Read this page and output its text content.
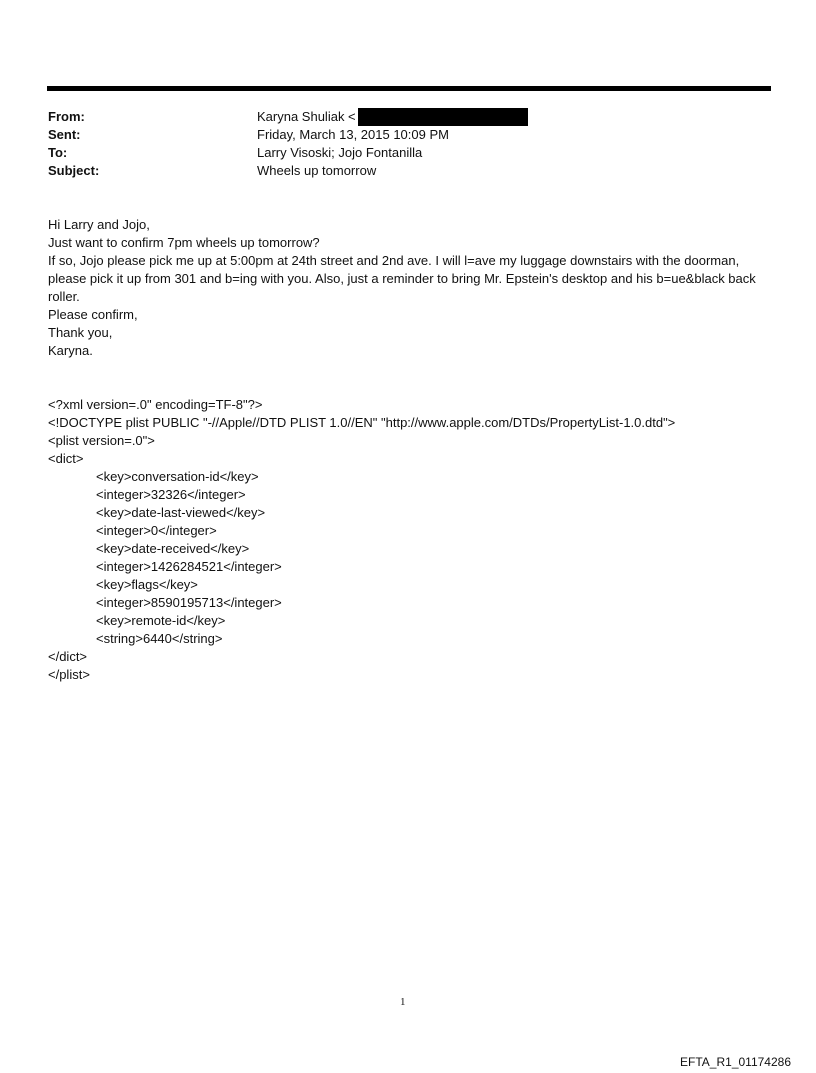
From:	Karyna Shuliak <
Sent:	Friday, March 13, 2015 10:09 PM
To:	Larry Visoski; Jojo Fontanilla
Subject:	Wheels up tomorrow
Hi Larry and Jojo,
Just want to confirm 7pm wheels up tomorrow?
If so, Jojo please pick me up at 5:00pm at 24th street and 2nd ave. I will l=ave my luggage downstairs with the doorman, please pick it up from 301 and b=ing with you. Also, just a reminder to bring Mr. Epstein's desktop and his b=ue&black back roller.
Please confirm,
Thank you,
Karyna.
<?xml version=.0" encoding=TF-8"?>
<!DOCTYPE plist PUBLIC "-//Apple//DTD PLIST 1.0//EN" "http://www.apple.com/DTDs/PropertyList-1.0.dtd">
<plist version=.0">
<dict>
<key>conversation-id</key>
<integer>32326</integer>
<key>date-last-viewed</key>
<integer>0</integer>
<key>date-received</key>
<integer>1426284521</integer>
<key>flags</key>
<integer>8590195713</integer>
<key>remote-id</key>
<string>6440</string>
</dict>
</plist>
1
EFTA_R1_01174286
